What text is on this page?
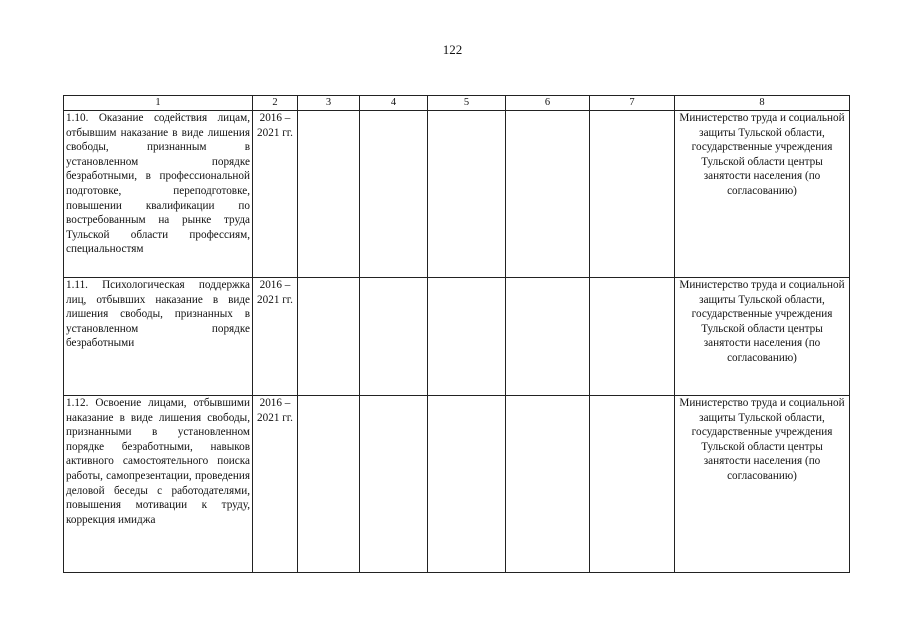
122
1	2	3	4	5	6	7	8
1.10. Оказание содействия лицам, отбывшим наказание в виде лишения свободы, признанным в установленном порядке безработными, в профессиональной подготовке, переподготовке, повышении квалификации по востребованным на рынке труда Тульской области профессиям, специальностям	2016 – 2021 гг.						Министерство труда и социальной защиты Тульской области, государственные учреждения Тульской области центры занятости населения (по согласованию)
1.11. Психологическая поддержка лиц, отбывших наказание в виде лишения свободы, признанных в установленном порядке безработными	2016 – 2021 гг.						Министерство труда и социальной защиты Тульской области, государственные учреждения Тульской области центры занятости населения (по согласованию)
1.12. Освоение лицами, отбывшими наказание в виде лишения свободы, признанными в установленном порядке безработными, навыков активного самостоятельного поиска работы, самопрезентации, проведения деловой беседы с работодателями, повышения мотивации к труду, коррекция имиджа	2016 – 2021 гг.						Министерство труда и социальной защиты Тульской области, государственные учреждения Тульской области центры занятости населения (по согласованию)
